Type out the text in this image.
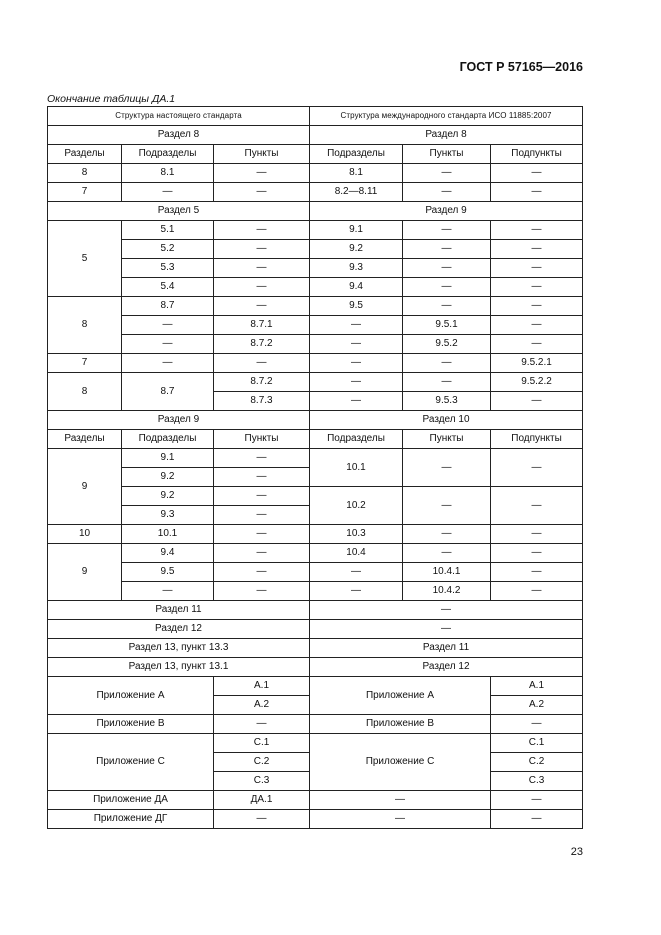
ГОСТ Р 57165—2016
Окончание таблицы ДА.1
Структура настоящего стандарта			Структура международного стандарта ИСО 11885:2007		
Раздел 8			Раздел 8		
Разделы	Подразделы	Пункты	Подразделы	Пункты	Подпункты
8	8.1	—	8.1	—	—
7	—	—	8.2—8.11	—	—
Раздел 5			Раздел 9		
5	5.1	—	9.1	—	—
	5.2	—	9.2	—	—
	5.3	—	9.3	—	—
	5.4	—	9.4	—	—
8	8.7	—	9.5	—	—
	—	8.7.1	—	9.5.1	—
	—	8.7.2	—	9.5.2	—
7	—	—	—	—	9.5.2.1
8	8.7	8.7.2	—	—	9.5.2.2
		8.7.3	—	9.5.3	—
Раздел 9			Раздел 10		
Разделы	Подразделы	Пункты	Подразделы	Пункты	Подпункты
9	9.1	—	10.1	—	—
	9.2	—			
	9.2	—	10.2	—	—
	9.3	—			
10	10.1	—	10.3	—	—
9	9.4	—	10.4	—	—
	9.5	—	—	10.4.1	—
	—	—	—	10.4.2	—
Раздел 11			—		
Раздел 12			—		
Раздел 13, пункт 13.3			Раздел 11		
Раздел 13, пункт 13.1			Раздел 12		
Приложение А		А.1	Приложение А		А.1
		А.2			А.2
Приложение В		—	Приложение В		—
Приложение С		С.1	Приложение С		С.1
		С.2			С.2
		С.3			С.3
Приложение ДА		ДА.1	—		—
Приложение ДГ		—	—		—
23
